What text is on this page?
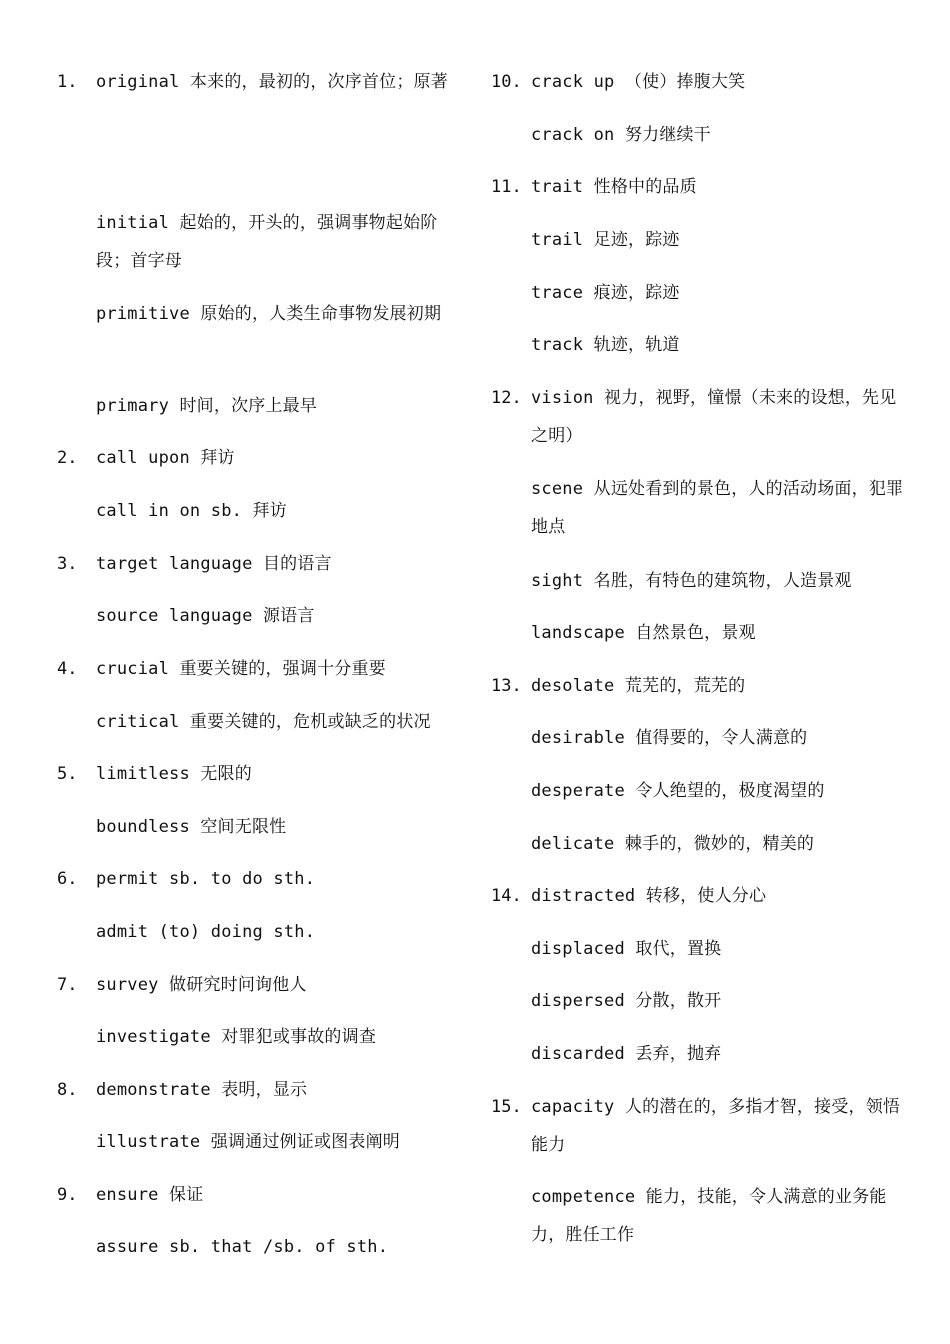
1. original 本来的，最初的，次序首位；原著
initial 起始的，开头的，强调事物起始阶段；首字母
primitive 原始的，人类生命事物发展初期
primary 时间，次序上最早
2. call upon 拜访
call in on sb. 拜访
3. target language 目的语言
source language 源语言
4. crucial 重要关键的，强调十分重要
critical 重要关键的，危机或缺乏的状况
5. limitless 无限的
boundless 空间无限性
6. permit sb. to do sth.
admit (to) doing sth.
7. survey 做研究时问询他人
investigate 对罪犯或事故的调查
8. demonstrate 表明，显示
illustrate 强调通过例证或图表阐明
9. ensure 保证
assure sb. that /sb. of sth.
10. crack up （使）捧腹大笑
crack on 努力继续干
11. trait 性格中的品质
trail 足迹，踪迹
trace 痕迹，踪迹
track 轨迹，轨道
12. vision 视力，视野，憧憬（未来的设想，先见之明）
scene 从远处看到的景色，人的活动场面，犯罪地点
sight 名胜，有特色的建筑物，人造景观
landscape 自然景色，景观
13. desolate 荒芜的，荒芜的
desirable 值得要的，令人满意的
desperate 令人绝望的，极度渴望的
delicate 棘手的，微妙的，精美的
14. distracted 转移，使人分心
displaced 取代，置换
dispersed 分散，散开
discarded 丢弃，抛弃
15. capacity 人的潜在的，多指才智，接受，领悟能力
competence 能力，技能，令人满意的业务能力，胜任工作
